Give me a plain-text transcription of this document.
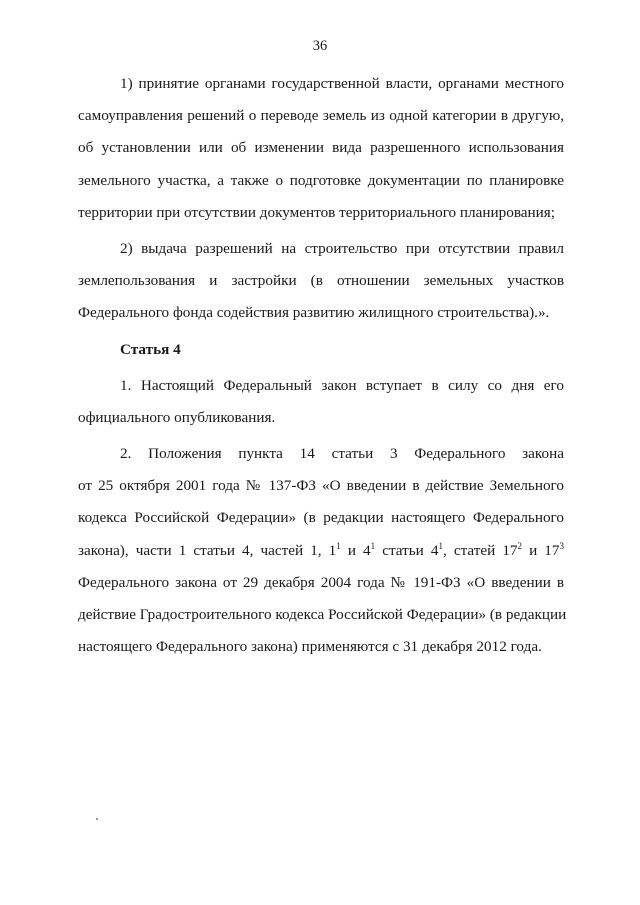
36
1) принятие органами государственной власти, органами местного
самоуправления решений о переводе земель из одной категории в другую,
об установлении или об изменении вида разрешенного использования
земельного участка, а также о подготовке документации по планировке
территории при отсутствии документов территориального планирования;
2) выдача разрешений на строительство при отсутствии правил
землепользования и застройки (в отношении земельных участков
Федерального фонда содействия развитию жилищного строительства).».
Статья 4
1. Настоящий Федеральный закон вступает в силу со дня его
официального опубликования.
2. Положения пункта 14 статьи 3 Федерального закона
от 25 октября 2001 года № 137-ФЗ «О введении в действие Земельного
кодекса Российской Федерации» (в редакции настоящего Федерального
закона), части 1 статьи 4, частей 1, $1^1$ и $4^1$ статьи $4^1$, статей $17^2$ и $17^3$
Федерального закона от 29 декабря 2004 года № 191-ФЗ «О введении в
действие Градостроительного кодекса Российской Федерации» (в редакции
настоящего Федерального закона) применяются с 31 декабря 2012 года.
